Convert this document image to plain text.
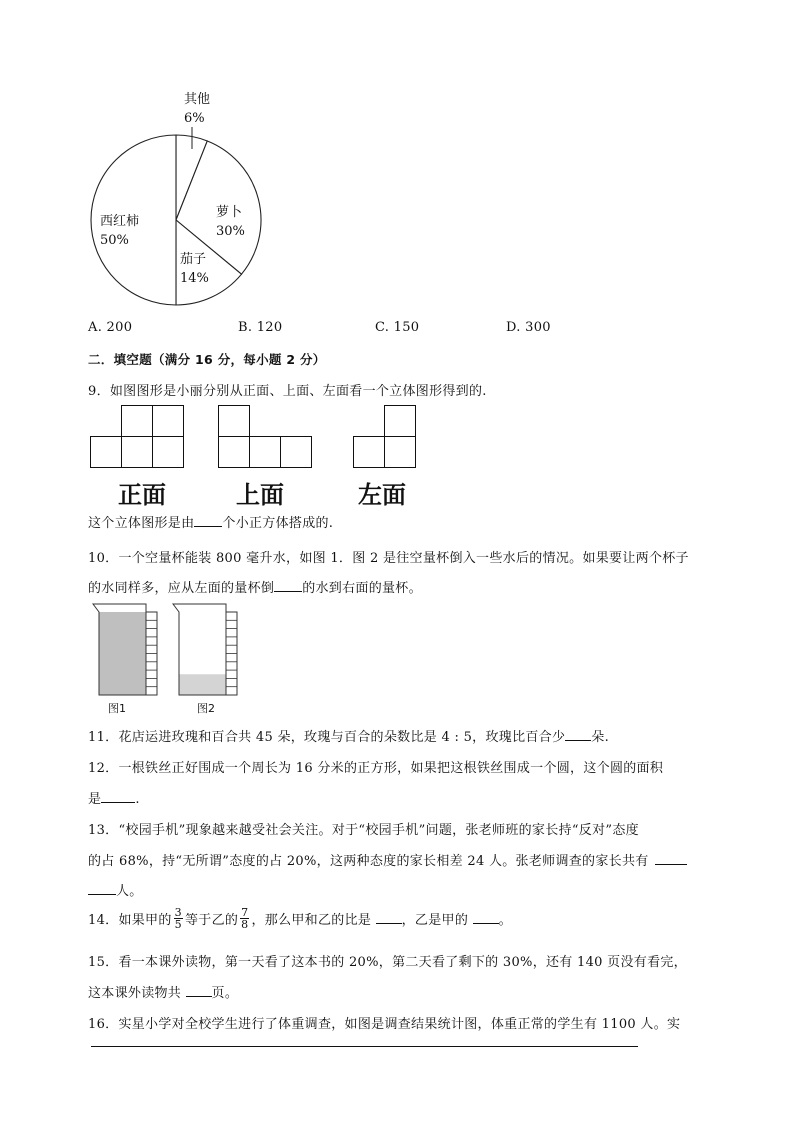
其他
6%
萝卜
30%
茄子
14%
西红柿
50%
A. 200	B. 120	C. 150	D. 300
二．填空题（满分 16 分，每小题 2 分）
9．如图图形是小丽分别从正面、上面、左面看一个立体图形得到的.
正面	上面	左面
这个立体图形是由 个小正方体搭成的.
10．一个空量杯能装 800 毫升水，如图 1．图 2 是往空量杯倒入一些水后的情况。如果要让两个杯子
的水同样多，应从左面的量杯倒 的水到右面的量杯。
图1	图2
11．花店运进玫瑰和百合共 45 朵，玫瑰与百合的朵数比是 4 : 5，玫瑰比百合少 朵.
12．一根铁丝正好围成一个周长为 16 分米的正方形，如果把这根铁丝围成一个圆，这个圆的面积
是	.
13．“校园手机”现象越来越受社会关注。对于“校园手机”问题，张老师班的家长持“反对”态度
的占 68%，持“无所谓”态度的占 20%，这两种态度的家长相差 24 人。张老师调查的家长共有
人。
14．如果甲的 $\frac{3}{5}$ 等于乙的 $\frac{7}{8}$ ，那么甲和乙的比是 ，乙是甲的 。
15．看一本课外读物，第一天看了这本书的 20%，第二天看了剩下的 30%，还有 140 页没有看完，
这本课外读物共 页。
16．实星小学对全校学生进行了体重调查，如图是调查结果统计图，体重正常的学生有 1100 人。实
